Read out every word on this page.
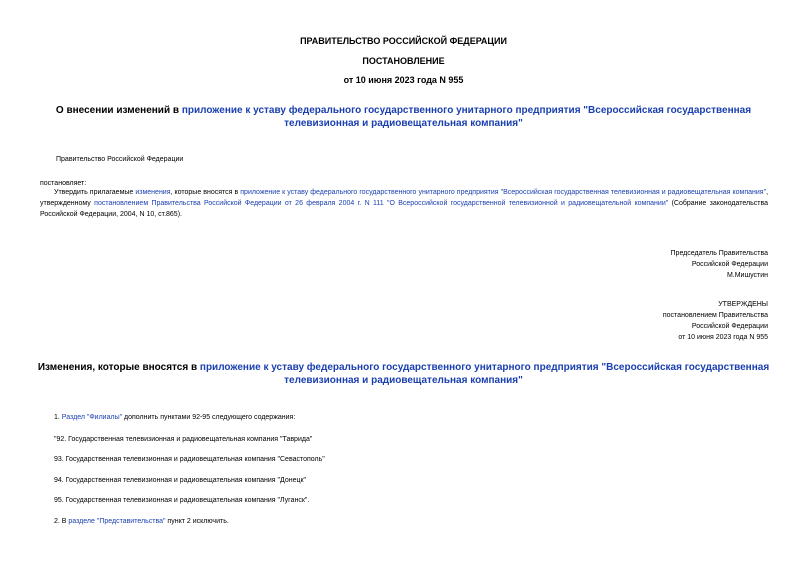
ПРАВИТЕЛЬСТВО РОССИЙСКОЙ ФЕДЕРАЦИИ
ПОСТАНОВЛЕНИЕ
от 10 июня 2023 года N 955
О внесении изменений в приложение к уставу федерального государственного унитарного предприятия "Всероссийская государственная телевизионная и радиовещательная компания"
Правительство Российской Федерации
постановляет:
Утвердить прилагаемые изменения, которые вносятся в приложение к уставу федерального государственного унитарного предприятия "Всероссийская государственная телевизионная и радиовещательная компания", утвержденному постановлением Правительства Российской Федерации от 26 февраля 2004 г. N 111 "О Всероссийской государственной телевизионной и радиовещательной компании" (Собрание законодательства Российской Федерации, 2004, N 10, ст.865).
Председатель Правительства
Российской Федерации
М.Мишустин
УТВЕРЖДЕНЫ
постановлением Правительства
Российской Федерации
от 10 июня 2023 года N 955
Изменения, которые вносятся в приложение к уставу федерального государственного унитарного предприятия "Всероссийская государственная телевизионная и радиовещательная компания"
1. Раздел "Филиалы" дополнить пунктами 92-95 следующего содержания:
"92. Государственная телевизионная и радиовещательная компания "Таврида"
93. Государственная телевизионная и радиовещательная компания "Севастополь"
94. Государственная телевизионная и радиовещательная компания "Донецк"
95. Государственная телевизионная и радиовещательная компания "Луганск".
2. В разделе "Представительства" пункт 2 исключить.
